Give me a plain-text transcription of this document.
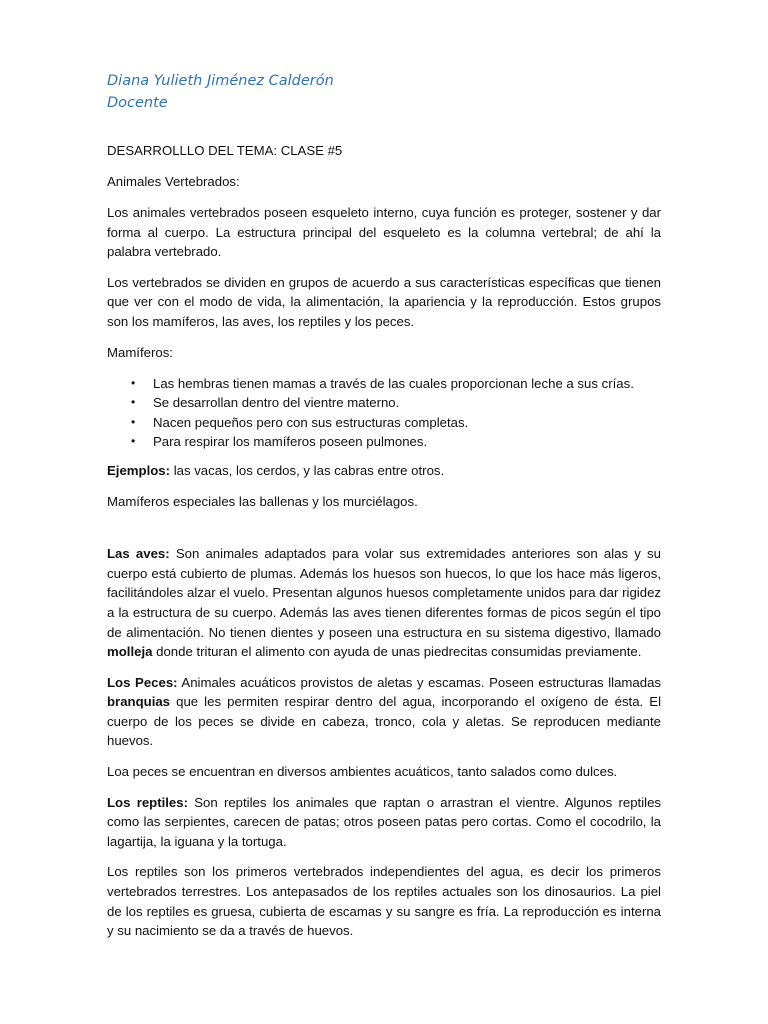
Diana Yulieth Jiménez Calderón

Docente

DESARROLLLO DEL TEMA: CLASE #5

Animales Vertebrados:

Los animales vertebrados poseen esqueleto interno, cuya función es proteger, sostener y dar forma al cuerpo. La estructura principal del esqueleto es la columna vertebral; de ahí la palabra vertebrado.

Los vertebrados se dividen en grupos de acuerdo a sus características específicas que tienen que ver con el modo de vida, la alimentación, la apariencia y la reproducción. Estos grupos son los mamíferos, las aves, los reptiles y los peces.

Mamíferos:

• Las hembras tienen mamas a través de las cuales proporcionan leche a sus crías.
• Se desarrollan dentro del vientre materno.
• Nacen pequeños pero con sus estructuras completas.
• Para respirar los mamíferos poseen pulmones.

Ejemplos: las vacas, los cerdos, y las cabras entre otros.

Mamíferos especiales las ballenas y los murciélagos.

Las aves: Son animales adaptados para volar sus extremidades anteriores son alas y su cuerpo está cubierto de plumas. Además los huesos son huecos, lo que los hace más ligeros, facilitándoles alzar el vuelo. Presentan algunos huesos completamente unidos para dar rigidez a la estructura de su cuerpo. Además las aves tienen diferentes formas de picos según el tipo de alimentación. No tienen dientes y poseen una estructura en su sistema digestivo, llamado molleja donde trituran el alimento con ayuda de unas piedrecitas consumidas previamente.

Los Peces: Animales acuáticos provistos de aletas y escamas. Poseen estructuras llamadas branquias que les permiten respirar dentro del agua, incorporando el oxígeno de ésta. El cuerpo de los peces se divide en cabeza, tronco, cola y aletas. Se reproducen mediante huevos.

Loa peces se encuentran en diversos ambientes acuáticos, tanto salados como dulces.

Los reptiles: Son reptiles los animales que raptan o arrastran el vientre. Algunos reptiles como las serpientes, carecen de patas; otros poseen patas pero cortas. Como el cocodrilo, la lagartija, la iguana y la tortuga.

Los reptiles son los primeros vertebrados independientes del agua, es decir los primeros vertebrados terrestres. Los antepasados de los reptiles actuales son los dinosaurios. La piel de los reptiles es gruesa, cubierta de escamas y su sangre es fría. La reproducción es interna y su nacimiento se da a través de huevos.
